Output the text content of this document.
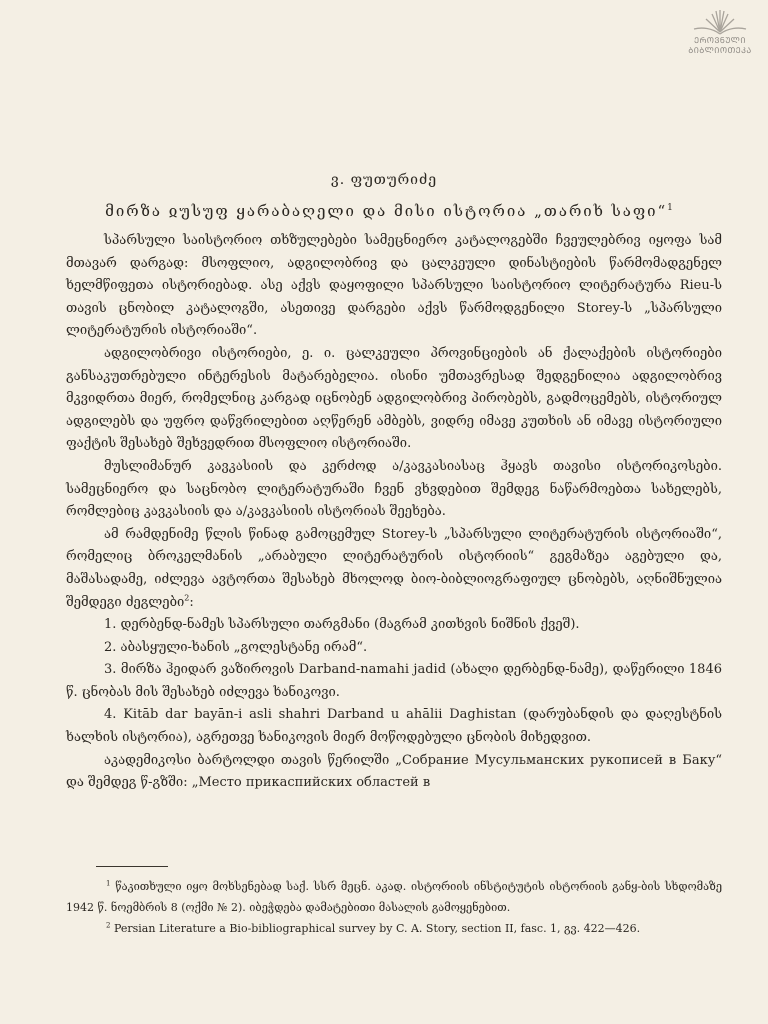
ᲔᲠᲝᲕᲜᲣᲚᲘ
ᲑᲘᲑᲚᲘᲝᲗᲔᲙᲐ
ვ. ფუთურიძე
მირზა ჲუსუფ ყარაბაღელი და მისი ისტორია „თარიხ საფი“$^1$

სპარსული საისტორიო თხზულებები სამეცნიერო კატალოგებში ჩვეულებრივ იყოფა სამ მთავარ დარგად: მსოფლიო, ადგილობრივ და ცალკეული დინასტიების წარმომადგენელ ხელმწიფეთა ისტორიებად. ასე აქვს დაყოფილი სპარსული საისტორიო ლიტერატურა Rieu-ს თავის ცნობილ კატალოგში, ასეთივე დარგები აქვს წარმოდგენილი Storey-ს „სპარსული ლიტერატურის ისტორიაში“.

ადგილობრივი ისტორიები, ე. ი. ცალკეული პროვინციების ან ქალაქების ისტორიები განსაკუთრებული ინტერესის მატარებელია. ისინი უმთავრესად შედგენილია ადგილობრივ მკვიდრთა მიერ, რომელნიც კარგად იცნობენ ადგილობრივ პირობებს, გადმოცემებს, ისტორიულ ადგილებს და უფრო დაწვრილებით აღწერენ ამბებს, ვიდრე იმავე კუთხის ან იმავე ისტორიული ფაქტის შესახებ შეხვედრით მსოფლიო ისტორიაში.

მუსლიმანურ კავკასიის და კერძოდ ა/კავკასიასაც ჰყავს თავისი ისტორიკოსები. სამეცნიერო და საცნობო ლიტერატურაში ჩვენ ვხვდებით შემდეგ ნაწარმოებთა სახელებს, რომლებიც კავკასიის და ა/კავკასიის ისტორიას შეეხება.

ამ რამდენიმე წლის წინად გამოცემულ Storey-ს „სპარსული ლიტერატურის ისტორიაში“, რომელიც ბროკელმანის „არაბული ლიტერატურის ისტორიის“ გეგმაზეა აგებული და, მაშასადამე, იძლევა ავტორთა შესახებ მხოლოდ ბიო-ბიბლიოგრაფიულ ცნობებს, აღნიშნულია შემდეგი ძეგლები$^2$:

1. დერბენდ-ნამეს სპარსული თარგმანი (მაგრამ კითხვის ნიშნის ქვეშ).

2. აბასყული-ხანის „გოლესტანე ირამ“.

3. მირზა ჰეიდარ ვაზიროვის Darband-namahi jadid (ახალი დერბენდ-ნამე), დაწერილი 1846 წ. ცნობას მის შესახებ იძლევა ხანიკოვი.

4. Kitāb dar bayān-i asli shahri Darband u ahālii Daghistan (დარუბანდის და დაღესტნის ხალხის ისტორია), აგრეთვე ხანიკოვის მიერ მოწოდებული ცნობის მიხედვით.

აკადემიკოსი ბარტოლდი თავის წერილში „Собрание Мусульманских рукописей в Баку“ და შემდეგ წ-გზში: „Место прикаспийских областей в

$^1$ წაკითხული იყო მოხსენებად საქ. სსრ მეცნ. აკად. ისტორიის ინსტიტუტის ისტორიის განყ-ბის სხდომაზე 1942 წ. ნოემბრის 8 (ოქმი № 2). იბეჭდება დამატებითი მასალის გამოყენებით.

$^2$ Persian Literature a Bio-bibliographical survey by C. A. Story, section II, fasc. 1, გვ. 422—426.
